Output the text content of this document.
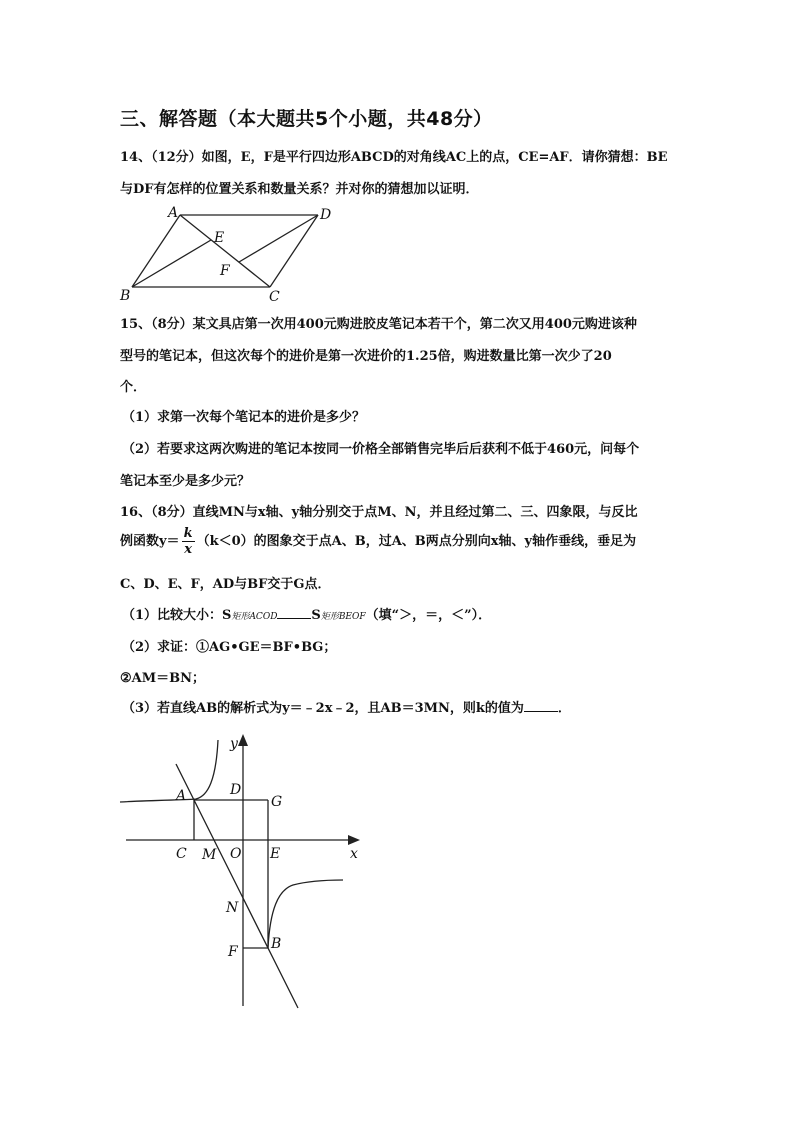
三、解答题（本大题共5个小题，共48分）
14、（12分）如图，E，F是平行四边形ABCD的对角线AC上的点，CE=AF．请你猜想：BE
与DF有怎样的位置关系和数量关系？并对你的猜想加以证明．
A	D
E
F
B	C
15、（8分）某文具店第一次用400元购进胶皮笔记本若干个，第二次又用400元购进该种
型号的笔记本，但这次每个的进价是第一次进价的1.25倍，购进数量比第一次少了20
个．
（1）求第一次每个笔记本的进价是多少？
（2）若要求这两次购进的笔记本按同一价格全部销售完毕后后获利不低于460元，问每个
笔记本至少是多少元？
16、（8分）直线MN与x轴、y轴分别交于点M、N，并且经过第二、三、四象限，与反比
例函数$y= \frac{k}{x} (k<0)$的图象交于点A、B，过A、B两点分别向x轴、y轴作垂线，垂足为
C、D、E、F，AD与BF交于G点．
（1）比较大小：S矩形ACOD	S矩形BEOF（填“＞，＝，＜”）．
（2）求证：①AG•GE＝BF•BG；
②AM＝BN；
（3）若直线AB的解析式为y＝﹣2x﹣2，且AB＝3MN，则k的值为	．
y
x
A	D
G
C M O E
N
B
F
